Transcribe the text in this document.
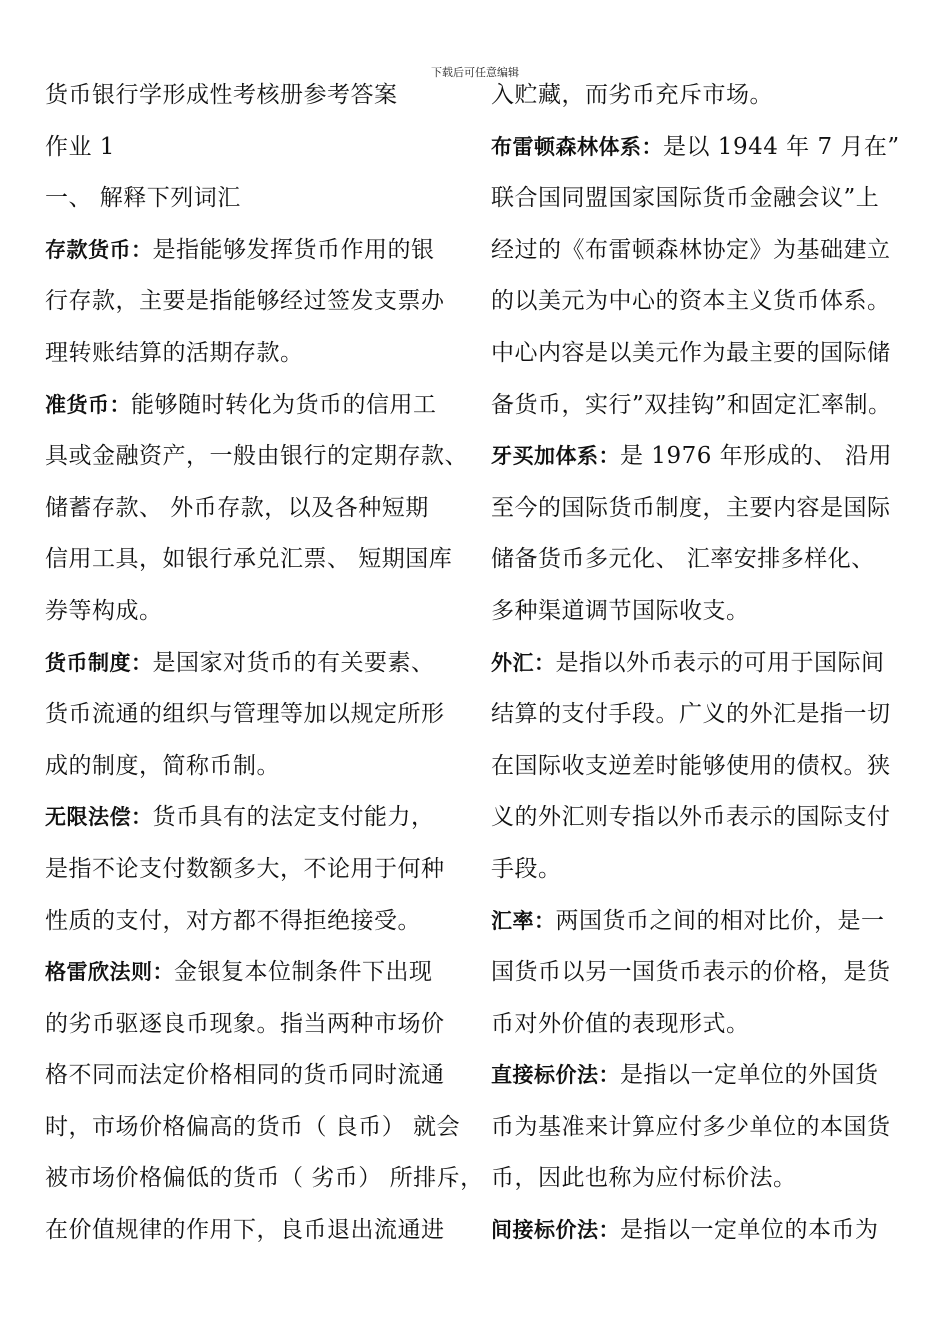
下载后可任意编辑
货币银行学形成性考核册参考答案
作业 1
一、 解释下列词汇
存款货币：是指能够发挥货币作用的银
行存款，主要是指能够经过签发支票办
理转账结算的活期存款。
准货币：能够随时转化为货币的信用工
具或金融资产，一般由银行的定期存款、
储蓄存款、 外币存款，以及各种短期
信用工具，如银行承兑汇票、 短期国库
券等构成。
货币制度：是国家对货币的有关要素、
货币流通的组织与管理等加以规定所形
成的制度，简称币制。
无限法偿：货币具有的法定支付能力，
是指不论支付数额多大，不论用于何种
性质的支付，对方都不得拒绝接受。
格雷欣法则：金银复本位制条件下出现
的劣币驱逐良币现象。指当两种市场价
格不同而法定价格相同的货币同时流通
时，市场价格偏高的货币（ 良币） 就会
被市场价格偏低的货币（ 劣币） 所排斥，
在价值规律的作用下，良币退出流通进
入贮藏，而劣币充斥市场。
布雷顿森林体系：是以 1944 年 7 月在”
联合国同盟国家国际货币金融会议”上
经过的《布雷顿森林协定》为基础建立
的以美元为中心的资本主义货币体系。
中心内容是以美元作为最主要的国际储
备货币，实行”双挂钩”和固定汇率制。
牙买加体系：是 1976 年形成的、 沿用
至今的国际货币制度，主要内容是国际
储备货币多元化、 汇率安排多样化、
多种渠道调节国际收支。
外汇：是指以外币表示的可用于国际间
结算的支付手段。广义的外汇是指一切
在国际收支逆差时能够使用的债权。狭
义的外汇则专指以外币表示的国际支付
手段。
汇率：两国货币之间的相对比价，是一
国货币以另一国货币表示的价格，是货
币对外价值的表现形式。
直接标价法：是指以一定单位的外国货
币为基准来计算应付多少单位的本国货
币，因此也称为应付标价法。
间接标价法：是指以一定单位的本币为
